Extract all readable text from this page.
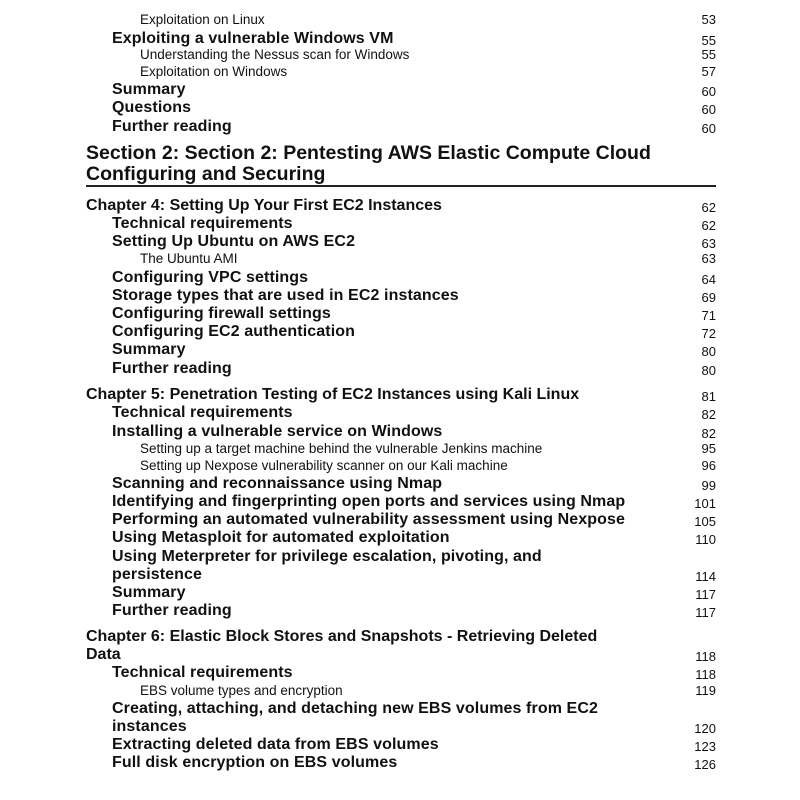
Exploitation on Linux	53
Exploiting a vulnerable Windows VM	55
Understanding the Nessus scan for Windows	55
Exploitation on Windows	57
Summary	60
Questions	60
Further reading	60
Section 2: Section 2: Pentesting AWS Elastic Compute Cloud
Configuring and Securing
Chapter 4: Setting Up Your First EC2 Instances	62
Technical requirements	62
Setting Up Ubuntu on AWS EC2	63
The Ubuntu AMI	63
Configuring VPC settings	64
Storage types that are used in EC2 instances	69
Configuring firewall settings	71
Configuring EC2 authentication	72
Summary	80
Further reading	80
Chapter 5: Penetration Testing of EC2 Instances using Kali Linux	81
Technical requirements	82
Installing a vulnerable service on Windows	82
Setting up a target machine behind the vulnerable Jenkins machine	95
Setting up Nexpose vulnerability scanner on our Kali machine	96
Scanning and reconnaissance using Nmap	99
Identifying and fingerprinting open ports and services using Nmap	101
Performing an automated vulnerability assessment using Nexpose	105
Using Metasploit for automated exploitation	110
Using Meterpreter for privilege escalation, pivoting, and
persistence	114
Summary	117
Further reading	117
Chapter 6: Elastic Block Stores and Snapshots - Retrieving Deleted
Data	118
Technical requirements	118
EBS volume types and encryption	119
Creating, attaching, and detaching new EBS volumes from EC2
instances	120
Extracting deleted data from EBS volumes	123
Full disk encryption on EBS volumes	126
